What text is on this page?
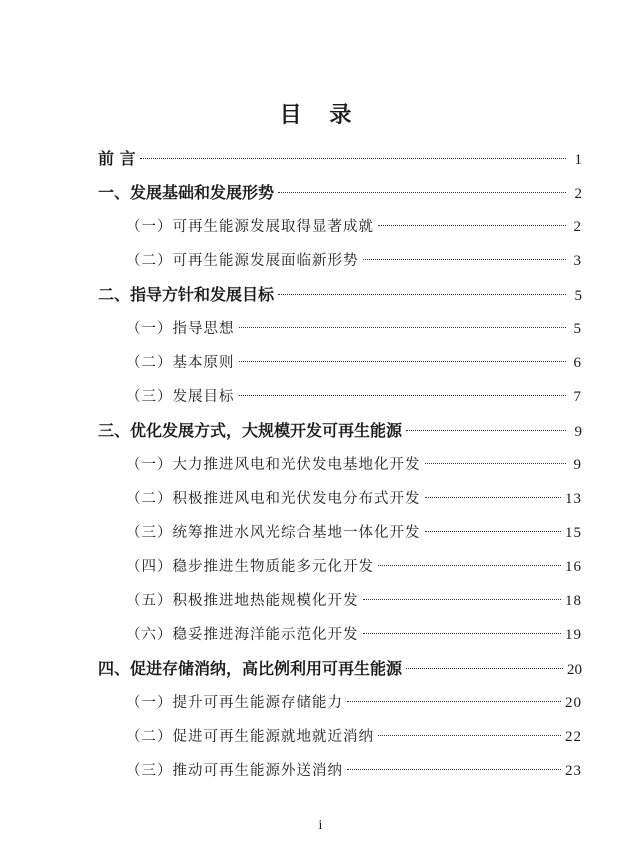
目 录
前 言	1
一、发展基础和发展形势	2
（一）可再生能源发展取得显著成就	2
（二）可再生能源发展面临新形势	3
二、指导方针和发展目标	5
（一）指导思想	5
（二）基本原则	6
（三）发展目标	7
三、优化发展方式，大规模开发可再生能源	9
（一）大力推进风电和光伏发电基地化开发	9
（二）积极推进风电和光伏发电分布式开发	13
（三）统筹推进水风光综合基地一体化开发	15
（四）稳步推进生物质能多元化开发	16
（五）积极推进地热能规模化开发	18
（六）稳妥推进海洋能示范化开发	19
四、促进存储消纳，高比例利用可再生能源	20
（一）提升可再生能源存储能力	20
（二）促进可再生能源就地就近消纳	22
（三）推动可再生能源外送消纳	23
i
